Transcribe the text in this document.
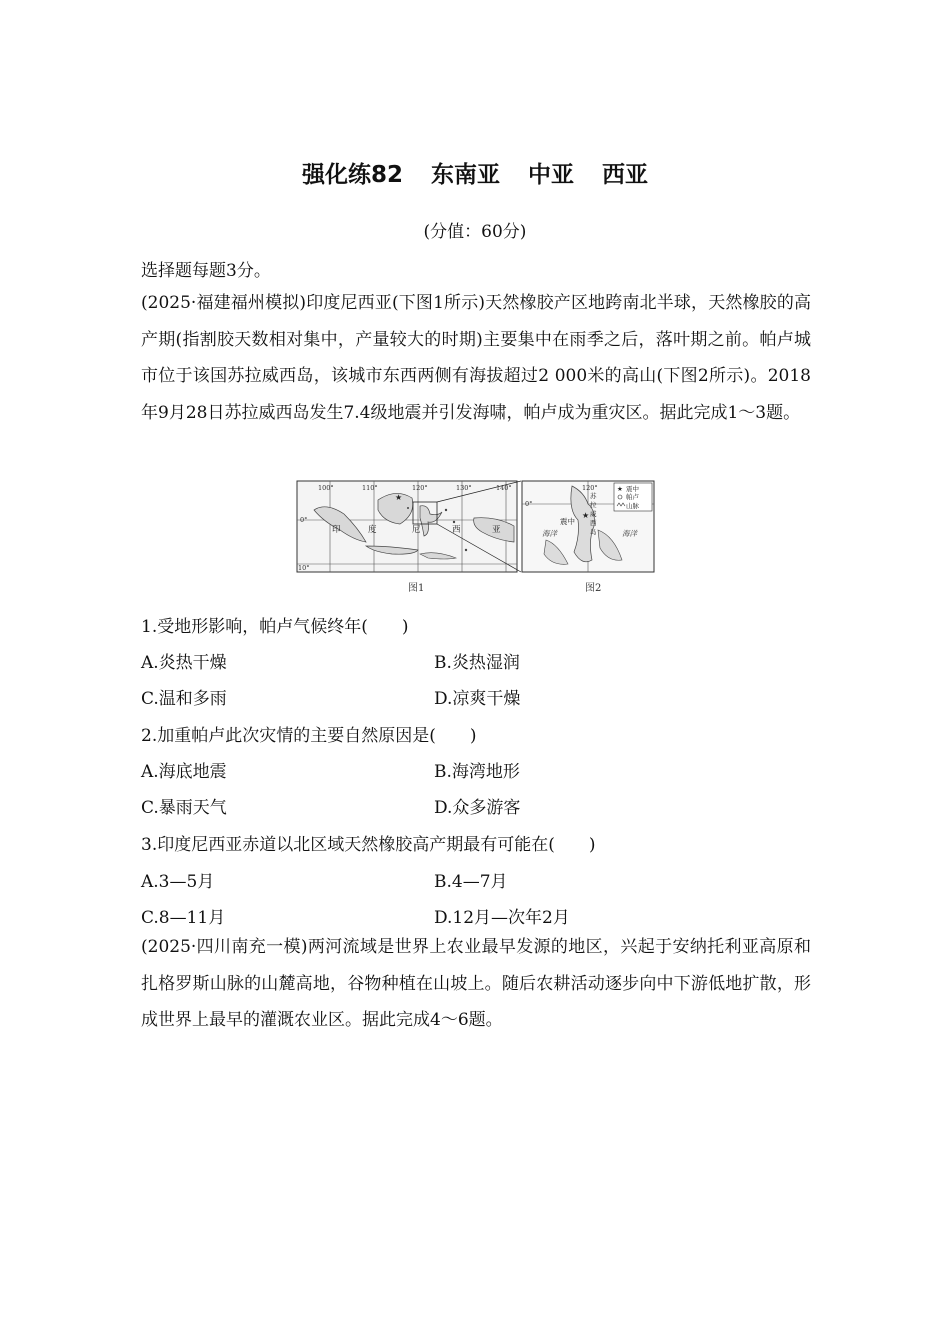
强化练82 东南亚 中亚 西亚
(分值：60分)
选择题每题3分。
(2025·福建福州模拟)印度尼西亚(下图1所示)天然橡胶产区地跨南北半球，天然橡胶的高产期(指割胶天数相对集中，产量较大的时期)主要集中在雨季之后，落叶期之前。帕卢城市位于该国苏拉威西岛，该城市东西两侧有海拔超过2 000米的高山(下图2所示)。2018年9月28日苏拉威西岛发生7.4级地震并引发海啸，帕卢成为重灾区。据此完成1～3题。
★
100°	110°	120°	130°	140°
0°
10°
印	度	尼	西	亚
★
120°
0°
海洋	海洋
震中
苏
拉
威
西
岛
★ 震中
帕卢
山脉
图1	图2
1.受地形影响，帕卢气候终年(　　)
A.炎热干燥	B.炎热湿润
C.温和多雨	D.凉爽干燥
2.加重帕卢此次灾情的主要自然原因是(　　)
A.海底地震	B.海湾地形
C.暴雨天气	D.众多游客
3.印度尼西亚赤道以北区域天然橡胶高产期最有可能在(　　)
A.3—5月	B.4—7月
C.8—11月	D.12月—次年2月
(2025·四川南充一模)两河流域是世界上农业最早发源的地区，兴起于安纳托利亚高原和扎格罗斯山脉的山麓高地，谷物种植在山坡上。随后农耕活动逐步向中下游低地扩散，形成世界上最早的灌溉农业区。据此完成4～6题。
